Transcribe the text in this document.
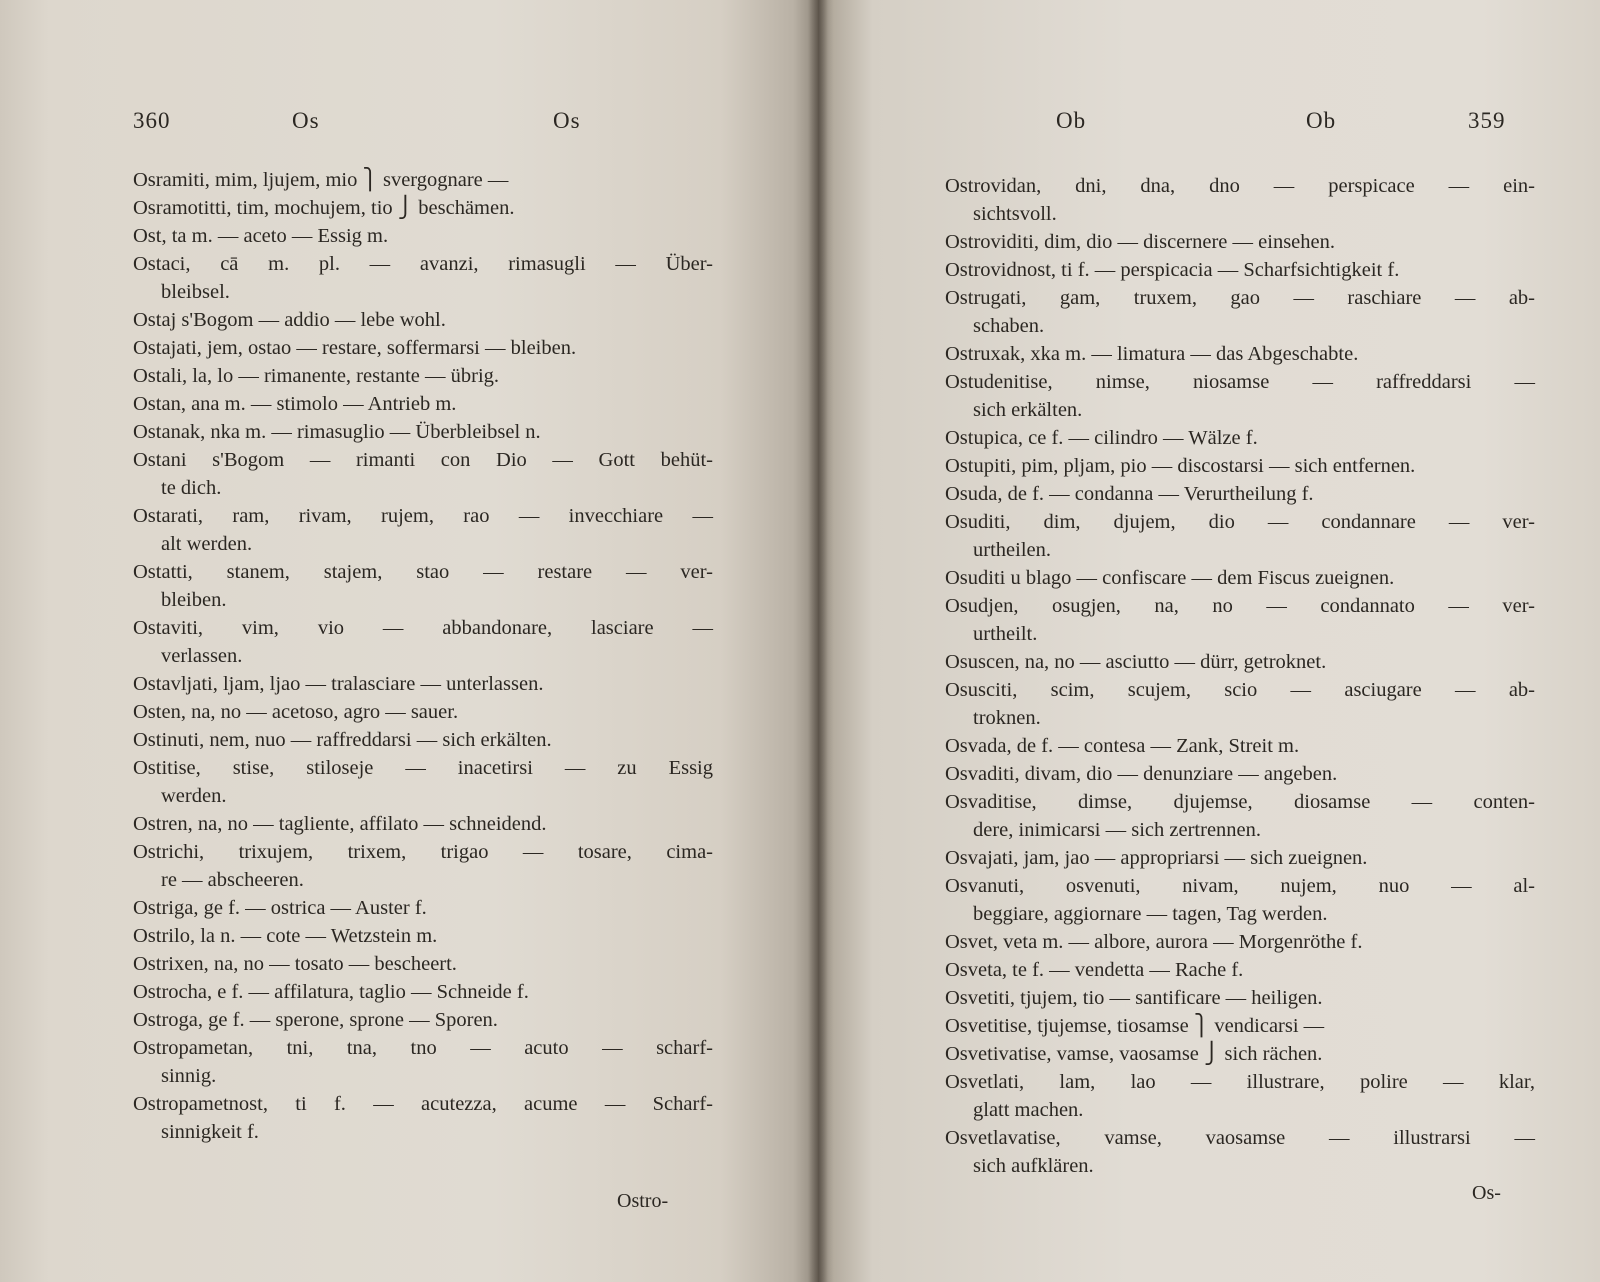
360	Os	Os
Osramiti, mim, ljujem, mio ⎫ svergognare —
Osramotitti, tim, mochujem, tio ⎭ beschämen.
Ost, ta m. — aceto — Essig m.
Ostaci, cā m. pl. — avanzi, rimasugli — Über-
bleibsel.
Ostaj s'Bogom — addio — lebe wohl.
Ostajati, jem, ostao — restare, soffermarsi — bleiben.
Ostali, la, lo — rimanente, restante — übrig.
Ostan, ana m. — stimolo — Antrieb m.
Ostanak, nka m. — rimasuglio — Überbleibsel n.
Ostani s'Bogom — rimanti con Dio — Gott behüt-
te dich.
Ostarati, ram, rivam, rujem, rao — invecchiare —
alt werden.
Ostatti, stanem, stajem, stao — restare — ver-
bleiben.
Ostaviti, vim, vio — abbandonare, lasciare —
verlassen.
Ostavljati, ljam, ljao — tralasciare — unterlassen.
Osten, na, no — acetoso, agro — sauer.
Ostinuti, nem, nuo — raffreddarsi — sich erkälten.
Ostitise, stise, stiloseje — inacetirsi — zu Essig
werden.
Ostren, na, no — tagliente, affilato — schneidend.
Ostrichi, trixujem, trixem, trigao — tosare, cima-
re — abscheeren.
Ostriga, ge f. — ostrica — Auster f.
Ostrilo, la n. — cote — Wetzstein m.
Ostrixen, na, no — tosato — bescheert.
Ostrocha, e f. — affilatura, taglio — Schneide f.
Ostroga, ge f. — sperone, sprone — Sporen.
Ostropametan, tni, tna, tno — acuto — scharf-
sinnig.
Ostropametnost, ti f. — acutezza, acume — Scharf-
sinnigkeit f.
Ostro-
Ob	Ob	359
Ostrovidan, dni, dna, dno — perspicace — ein-
sichtsvoll.
Ostroviditi, dim, dio — discernere — einsehen.
Ostrovidnost, ti f. — perspicacia — Scharfsichtigkeit f.
Ostrugati, gam, truxem, gao — raschiare — ab-
schaben.
Ostruxak, xka m. — limatura — das Abgeschabte.
Ostudenitise, nimse, niosamse — raffreddarsi —
sich erkälten.
Ostupica, ce f. — cilindro — Wälze f.
Ostupiti, pim, pljam, pio — discostarsi — sich entfernen.
Osuda, de f. — condanna — Verurtheilung f.
Osuditi, dim, djujem, dio — condannare — ver-
urtheilen.
Osuditi u blago — confiscare — dem Fiscus zueignen.
Osudjen, osugjen, na, no — condannato — ver-
urtheilt.
Osuscen, na, no — asciutto — dürr, getroknet.
Osusciti, scim, scujem, scio — asciugare — ab-
troknen.
Osvada, de f. — contesa — Zank, Streit m.
Osvaditi, divam, dio — denunziare — angeben.
Osvaditise, dimse, djujemse, diosamse — conten-
dere, inimicarsi — sich zertrennen.
Osvajati, jam, jao — appropriarsi — sich zueignen.
Osvanuti, osvenuti, nivam, nujem, nuo — al-
beggiare, aggiornare — tagen, Tag werden.
Osvet, veta m. — albore, aurora — Morgenröthe f.
Osveta, te f. — vendetta — Rache f.
Osvetiti, tjujem, tio — santificare — heiligen.
Osvetitise, tjujemse, tiosamse ⎫ vendicarsi —
Osvetivatise, vamse, vaosamse ⎭ sich rächen.
Osvetlati, lam, lao — illustrare, polire — klar,
glatt machen.
Osvetlavatise, vamse, vaosamse — illustrarsi —
sich aufklären.
Os-
